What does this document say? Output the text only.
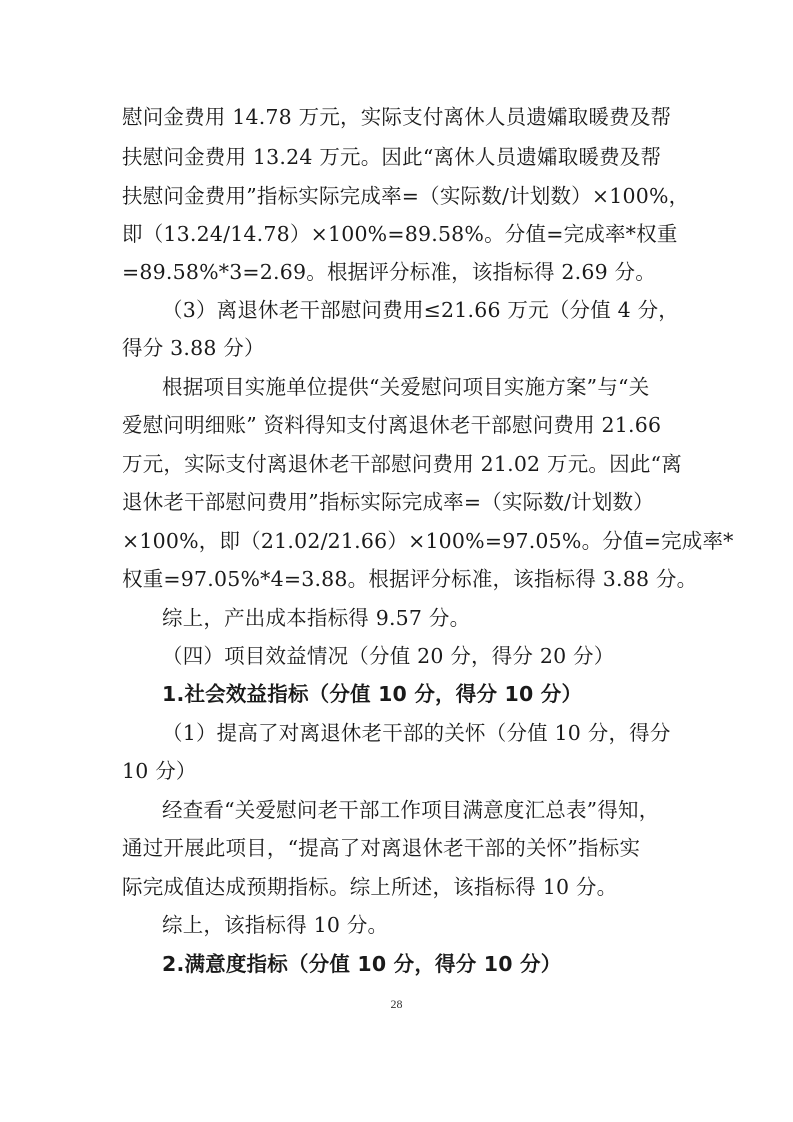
慰问金费用 14.78 万元，实际支付离休人员遗孀取暖费及帮
扶慰问金费用 13.24 万元。因此“离休人员遗孀取暖费及帮
扶慰问金费用”指标实际完成率=（实际数/计划数）×100%，
即（13.24/14.78）×100%=89.58%。分值=完成率*权重
=89.58%*3=2.69。根据评分标准，该指标得 2.69 分。
（3）离退休老干部慰问费用≤21.66 万元（分值 4 分，
得分 3.88 分）
根据项目实施单位提供“关爱慰问项目实施方案”与“关
爱慰问明细账” 资料得知支付离退休老干部慰问费用 21.66
万元，实际支付离退休老干部慰问费用 21.02 万元。因此“离
退休老干部慰问费用”指标实际完成率=（实际数/计划数）
×100%，即（21.02/21.66）×100%=97.05%。分值=完成率*
权重=97.05%*4=3.88。根据评分标准，该指标得 3.88 分。
综上，产出成本指标得 9.57 分。
（四）项目效益情况（分值 20 分，得分 20 分）
1.社会效益指标（分值 10 分，得分 10 分）
（1）提高了对离退休老干部的关怀（分值 10 分，得分
10 分）
经查看“关爱慰问老干部工作项目满意度汇总表”得知，
通过开展此项目，“提高了对离退休老干部的关怀”指标实
际完成值达成预期指标。综上所述，该指标得 10 分。
综上，该指标得 10 分。
2.满意度指标（分值 10 分，得分 10 分）
28
